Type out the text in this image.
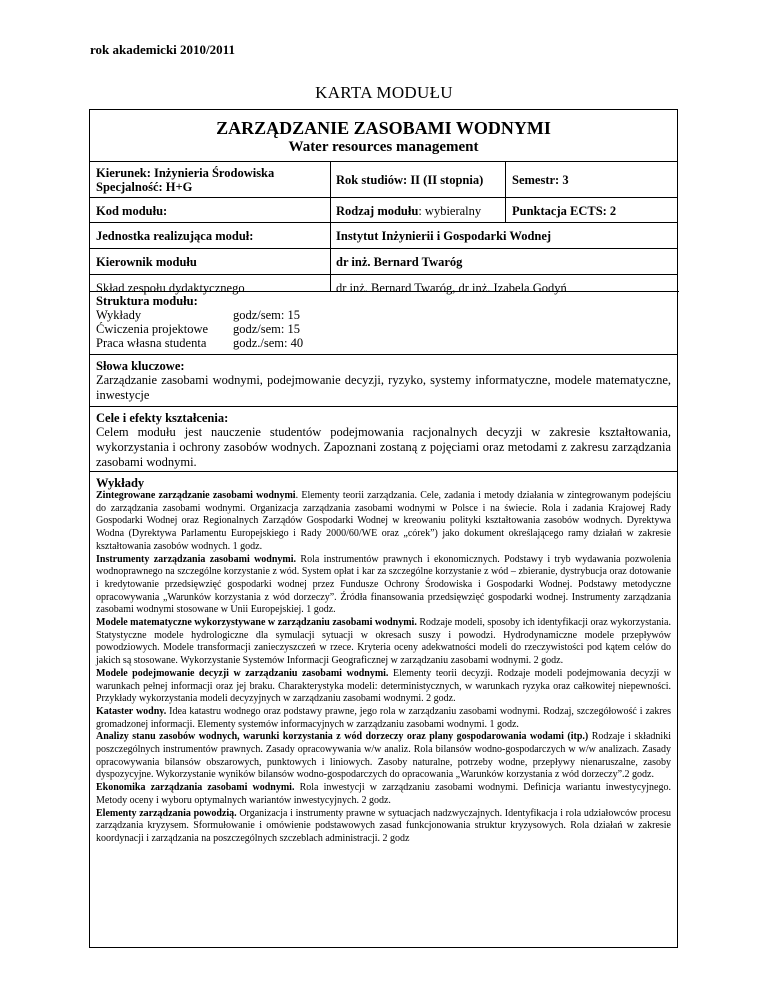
rok akademicki 2010/2011
KARTA MODUŁU
ZARZĄDZANIE ZASOBAMI WODNYMI
Water resources management
Kierunek: Inżynieria Środowiska
Specjalność: H+G	Rok studiów: II (II stopnia) Semestr: 3
Kod modułu:	Rodzaj modułu: wybieralny Punktacja ECTS: 2
Jednostka realizująca moduł:	Instytut Inżynierii i Gospodarki Wodnej
Kierownik modułu	dr inż. Bernard Twaróg
Skład zespołu dydaktycznego	dr inż. Bernard Twaróg, dr inż. Izabela Godyń
Struktura modułu:
Wykłady	godz/sem: 15
Ćwiczenia projektowe godz/sem: 15
Praca własna studenta godz./sem: 40
Słowa kluczowe:
Zarządzanie zasobami wodnymi, podejmowanie decyzji, ryzyko, systemy informatyczne, modele matematyczne, inwestycje
Cele i efekty kształcenia:
Celem modułu jest nauczenie studentów podejmowania racjonalnych decyzji w zakresie kształtowania, wykorzystania i ochrony zasobów wodnych. Zapoznani zostaną z pojęciami oraz metodami z zakresu zarządzania zasobami wodnymi.
Wykłady

Zintegrowane zarządzanie zasobami wodnymi. Elementy teorii zarządzania. Cele, zadania i metody działania w zintegrowanym podejściu do zarządzania zasobami wodnymi. Organizacja zarządzania zasobami wodnymi w Polsce i na świecie. Rola i zadania Krajowej Rady Gospodarki Wodnej oraz Regionalnych Zarządów Gospodarki Wodnej w kreowaniu polityki kształtowania zasobów wodnych. Dyrektywa Wodna (Dyrektywa Parlamentu Europejskiego i Rady 2000/60/WE oraz „córek”) jako dokument określającego ramy działań w zakresie kształtowania zasobów wodnych. 1 godz.

Instrumenty zarządzania zasobami wodnymi. Rola instrumentów prawnych i ekonomicznych. Podstawy i tryb wydawania pozwolenia wodnoprawnego na szczególne korzystanie z wód. System opłat i kar za szczególne korzystanie z wód – zbieranie, dystrybucja oraz dotowanie i kredytowanie przedsięwzięć gospodarki wodnej przez Fundusze Ochrony Środowiska i Gospodarki Wodnej. Podstawy metodyczne opracowywania „Warunków korzystania z wód dorzeczy”. Źródła finansowania przedsięwzięć gospodarki wodnej. Instrumenty zarządzania zasobami wodnymi stosowane w Unii Europejskiej. 1 godz.

Modele matematyczne wykorzystywane w zarządzaniu zasobami wodnymi. Rodzaje modeli, sposoby ich identyfikacji oraz wykorzystania. Statystyczne modele hydrologiczne dla symulacji sytuacji w okresach suszy i powodzi. Hydrodynamiczne modele przepływów powodziowych. Modele transformacji zanieczyszczeń w rzece. Kryteria oceny adekwatności modeli do rzeczywistości pod kątem celów do jakich są stosowane. Wykorzystanie Systemów Informacji Geograficznej w zarządzaniu zasobami wodnymi. 2 godz.

Modele podejmowanie decyzji w zarządzaniu zasobami wodnymi. Elementy teorii decyzji. Rodzaje modeli podejmowania decyzji w warunkach pełnej informacji oraz jej braku. Charakterystyka modeli: deterministycznych, w warunkach ryzyka oraz całkowitej niepewności. Przykłady wykorzystania modeli decyzyjnych w zarządzaniu zasobami wodnymi. 2 godz.

Kataster wodny. Idea katastru wodnego oraz podstawy prawne, jego rola w zarządzaniu zasobami wodnymi. Rodzaj, szczegółowość i zakres gromadzonej informacji. Elementy systemów informacyjnych w zarządzaniu zasobami wodnymi. 1 godz.

Analizy stanu zasobów wodnych, warunki korzystania z wód dorzeczy oraz plany gospodarowania wodami (itp.) Rodzaje i składniki poszczególnych instrumentów prawnych. Zasady opracowywania w/w analiz. Rola bilansów wodno-gospodarczych w w/w analizach. Zasady opracowywania bilansów obszarowych, punktowych i liniowych. Zasoby naturalne, potrzeby wodne, przepływy nienaruszalne, zasoby dyspozycyjne. Wykorzystanie wyników bilansów wodno-gospodarczych do opracowania „Warunków korzystania z wód dorzeczy”.2 godz.

Ekonomika zarządzania zasobami wodnymi. Rola inwestycji w zarządzaniu zasobami wodnymi. Definicja wariantu inwestycyjnego. Metody oceny i wyboru optymalnych wariantów inwestycyjnych. 2 godz.

Elementy zarządzania powodzią. Organizacja i instrumenty prawne w sytuacjach nadzwyczajnych. Identyfikacja i rola udziałowców procesu zarządzania kryzysem. Sformułowanie i omówienie podstawowych zasad funkcjonowania struktur kryzysowych. Rola działań w zakresie koordynacji i zarządzania na poszczególnych szczeblach administracji. 2 godz
